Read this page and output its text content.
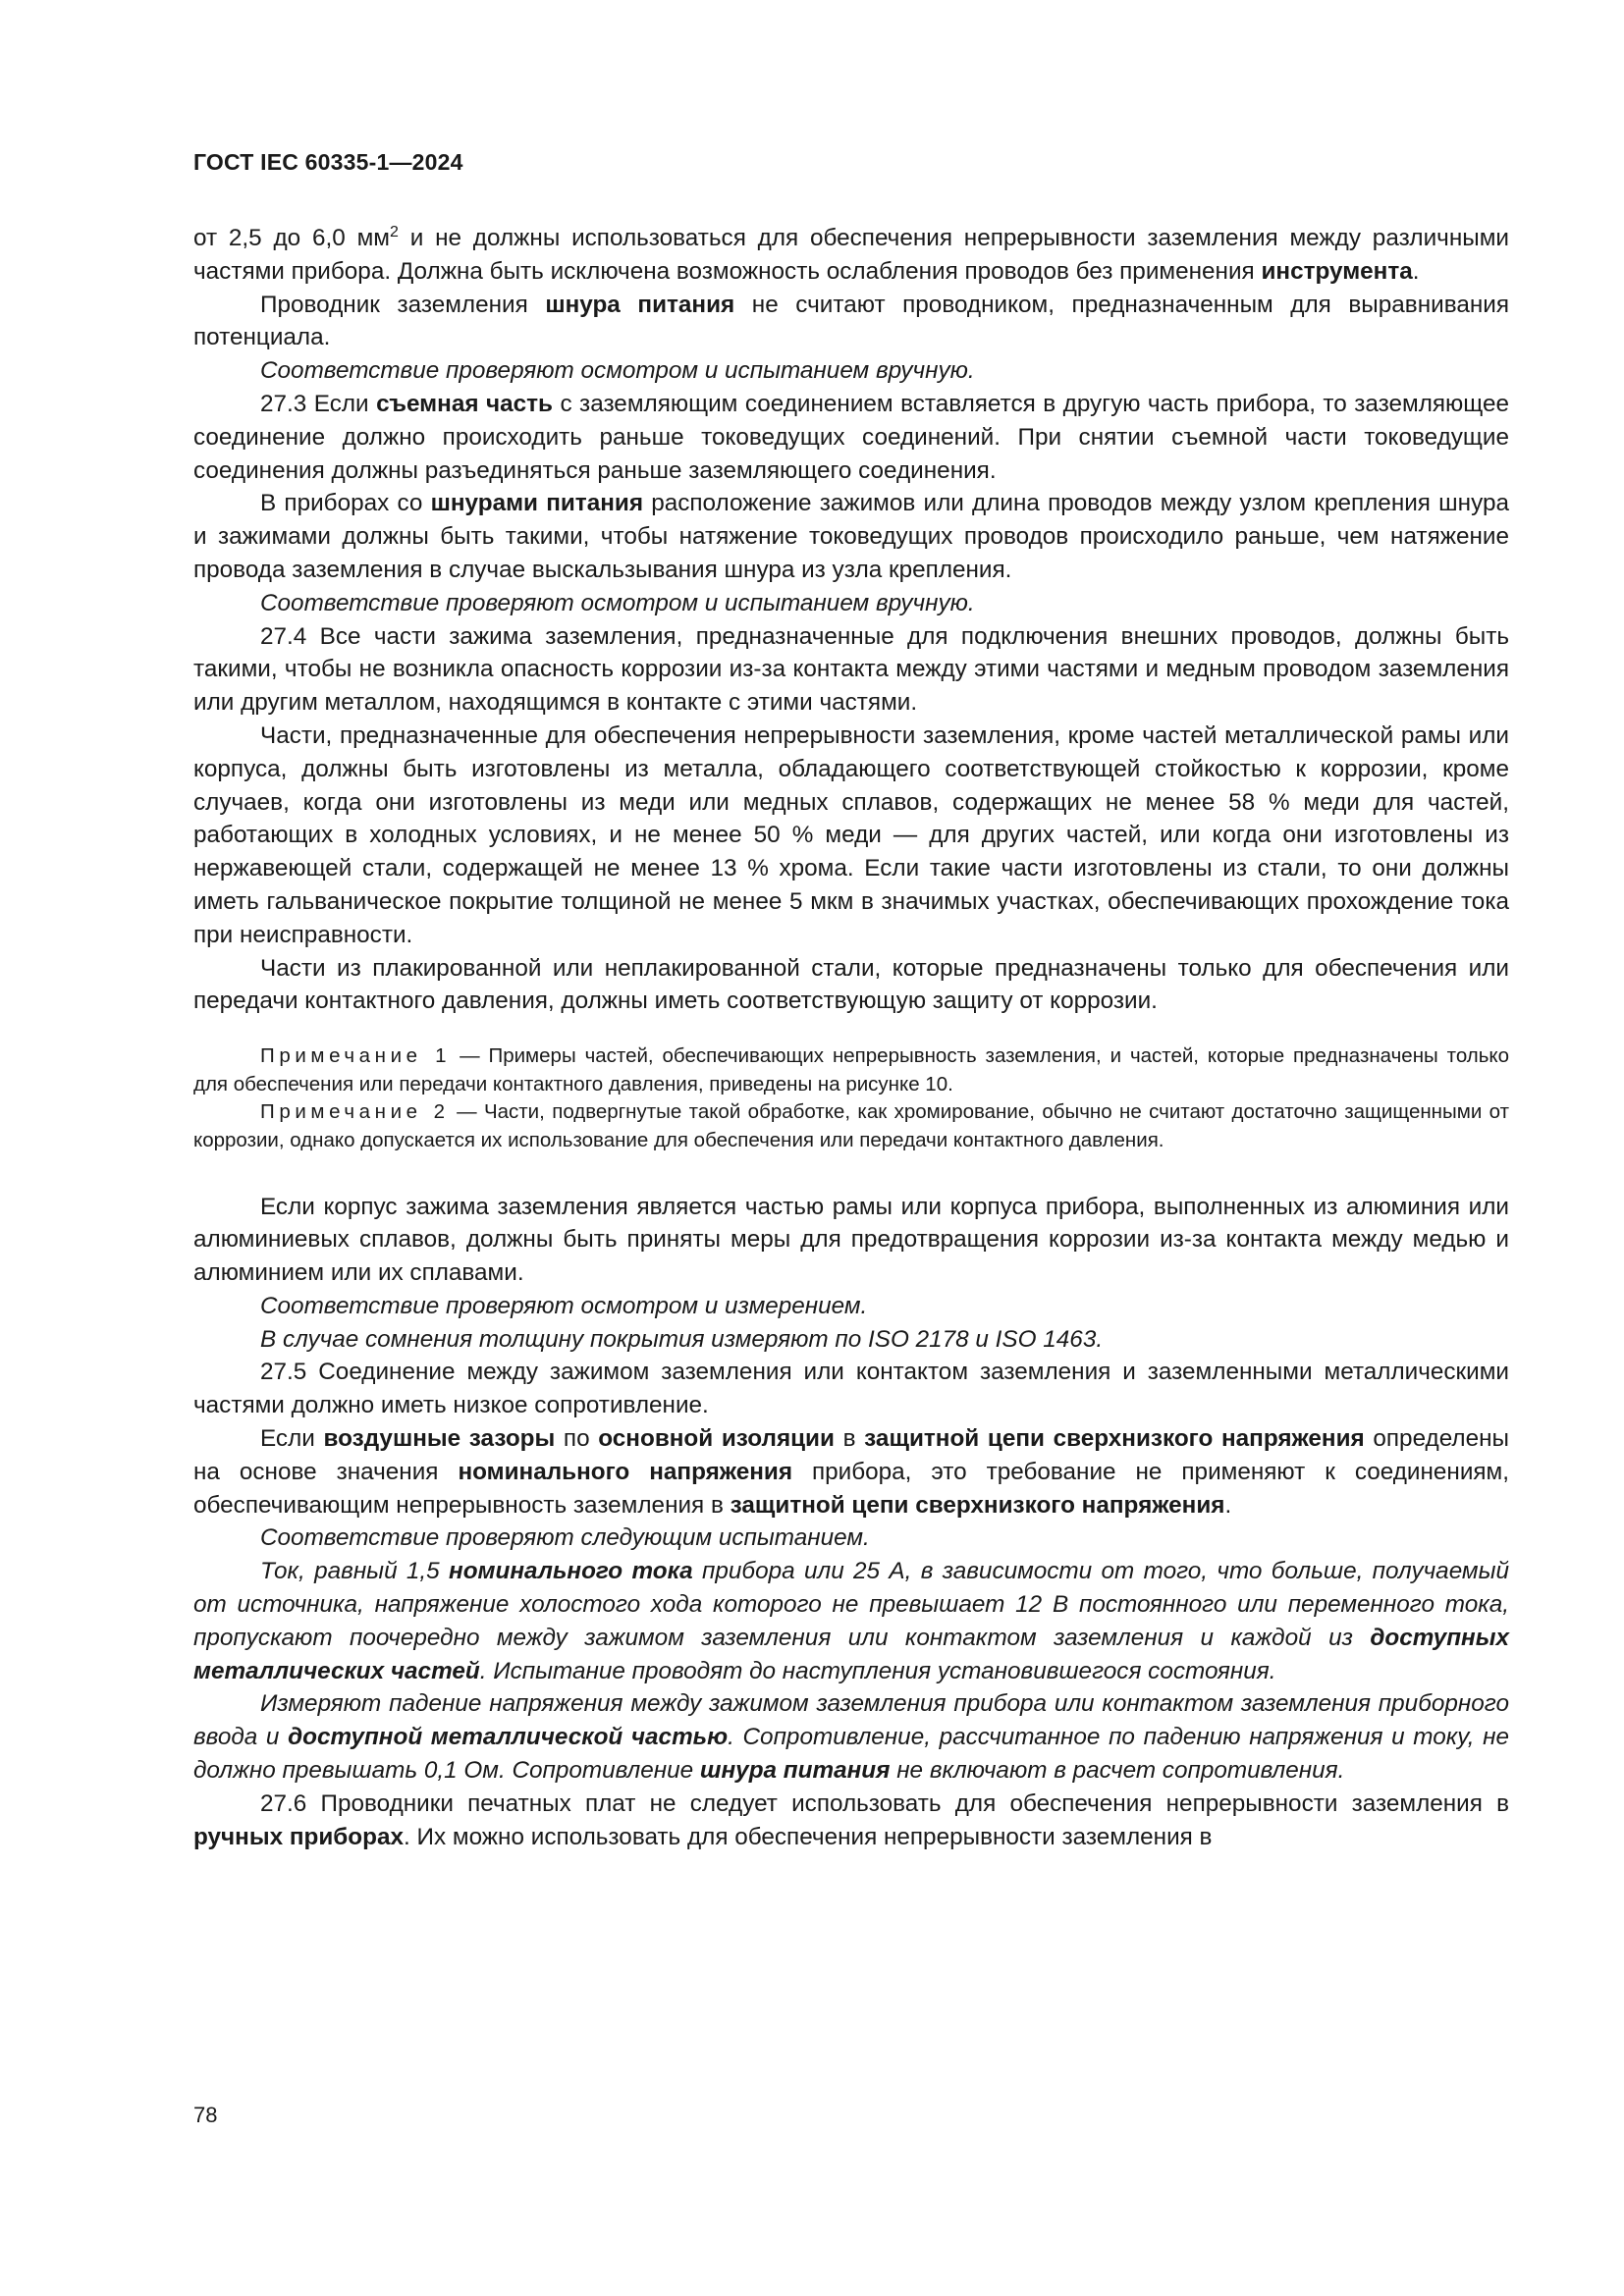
ГОСТ IEC 60335-1—2024

от 2,5 до 6,0 $мм^2$ и не должны использоваться для обеспечения непрерывности заземления между различными частями прибора. Должна быть исключена возможность ослабления проводов без применения инструмента.

Проводник заземления шнура питания не считают проводником, предназначенным для выравнивания потенциала.

Соответствие проверяют осмотром и испытанием вручную.

27.3 Если съемная часть с заземляющим соединением вставляется в другую часть прибора, то заземляющее соединение должно происходить раньше токоведущих соединений. При снятии съемной части токоведущие соединения должны разъединяться раньше заземляющего соединения.

В приборах со шнурами питания расположение зажимов или длина проводов между узлом крепления шнура и зажимами должны быть такими, чтобы натяжение токоведущих проводов происходило раньше, чем натяжение провода заземления в случае выскальзывания шнура из узла крепления.

Соответствие проверяют осмотром и испытанием вручную.

27.4 Все части зажима заземления, предназначенные для подключения внешних проводов, должны быть такими, чтобы не возникла опасность коррозии из-за контакта между этими частями и медным проводом заземления или другим металлом, находящимся в контакте с этими частями.

Части, предназначенные для обеспечения непрерывности заземления, кроме частей металлической рамы или корпуса, должны быть изготовлены из металла, обладающего соответствующей стойкостью к коррозии, кроме случаев, когда они изготовлены из меди или медных сплавов, содержащих не менее 58 % меди для частей, работающих в холодных условиях, и не менее 50 % меди — для других частей, или когда они изготовлены из нержавеющей стали, содержащей не менее 13 % хрома. Если такие части изготовлены из стали, то они должны иметь гальваническое покрытие толщиной не менее 5 мкм в значимых участках, обеспечивающих прохождение тока при неисправности.

Части из плакированной или неплакированной стали, которые предназначены только для обеспечения или передачи контактного давления, должны иметь соответствующую защиту от коррозии.

Примечание 1 — Примеры частей, обеспечивающих непрерывность заземления, и частей, которые предназначены только для обеспечения или передачи контактного давления, приведены на рисунке 10.

Примечание 2 — Части, подвергнутые такой обработке, как хромирование, обычно не считают достаточно защищенными от коррозии, однако допускается их использование для обеспечения или передачи контактного давления.

Если корпус зажима заземления является частью рамы или корпуса прибора, выполненных из алюминия или алюминиевых сплавов, должны быть приняты меры для предотвращения коррозии из-за контакта между медью и алюминием или их сплавами.

Соответствие проверяют осмотром и измерением.

В случае сомнения толщину покрытия измеряют по ISO 2178 и ISO 1463.

27.5 Соединение между зажимом заземления или контактом заземления и заземленными металлическими частями должно иметь низкое сопротивление.

Если воздушные зазоры по основной изоляции в защитной цепи сверхнизкого напряжения определены на основе значения номинального напряжения прибора, это требование не применяют к соединениям, обеспечивающим непрерывность заземления в защитной цепи сверхнизкого напряжения.

Соответствие проверяют следующим испытанием.

Ток, равный 1,5 номинального тока прибора или 25 А, в зависимости от того, что больше, получаемый от источника, напряжение холостого хода которого не превышает 12 В постоянного или переменного тока, пропускают поочередно между зажимом заземления или контактом заземления и каждой из доступных металлических частей. Испытание проводят до наступления установившегося состояния.

Измеряют падение напряжения между зажимом заземления прибора или контактом заземления приборного ввода и доступной металлической частью. Сопротивление, рассчитанное по падению напряжения и току, не должно превышать 0,1 Ом. Сопротивление шнура питания не включают в расчет сопротивления.

27.6 Проводники печатных плат не следует использовать для обеспечения непрерывности заземления в ручных приборах. Их можно использовать для обеспечения непрерывности заземления в

78
